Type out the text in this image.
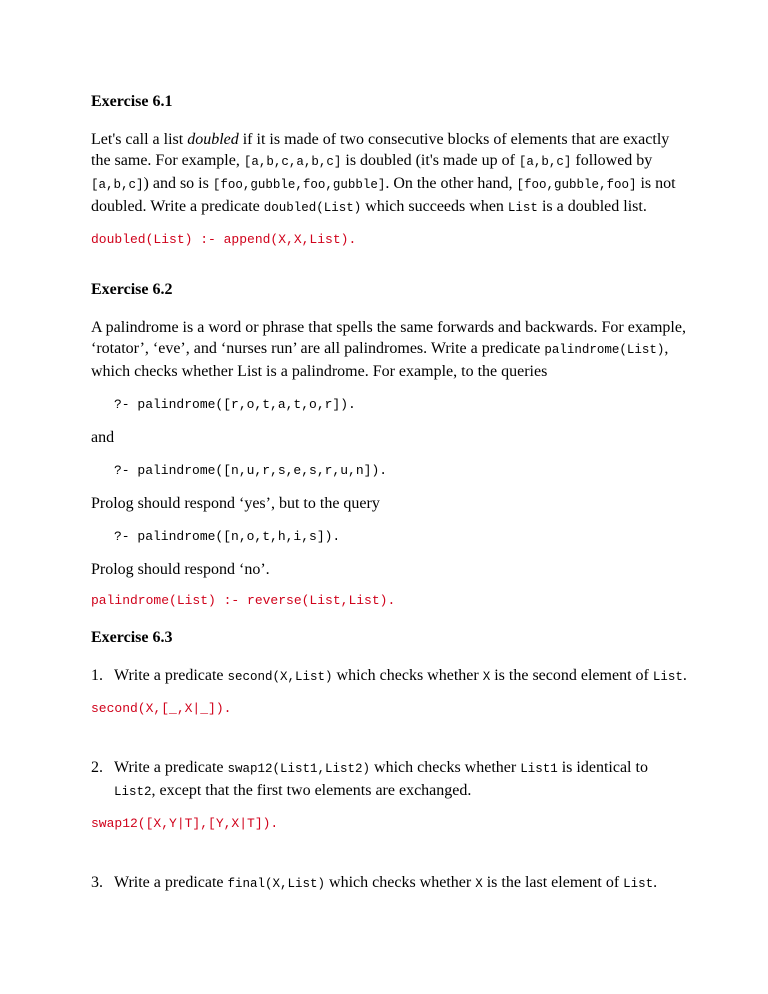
Exercise 6.1

Let's call a list doubled if it is made of two consecutive blocks of elements that are exactly the same. For example, [a,b,c,a,b,c] is doubled (it's made up of [a,b,c] followed by [a,b,c]) and so is [foo,gubble,foo,gubble]. On the other hand, [foo,gubble,foo] is not doubled. Write a predicate doubled(List) which succeeds when List is a doubled list.

doubled(List) :- append(X,X,List).

Exercise 6.2

A palindrome is a word or phrase that spells the same forwards and backwards. For example, ‘rotator’, ‘eve’, and ‘nurses run’ are all palindromes. Write a predicate palindrome(List), which checks whether List is a palindrome. For example, to the queries

?- palindrome([r,o,t,a,t,o,r]).

and

?- palindrome([n,u,r,s,e,s,r,u,n]).

Prolog should respond ‘yes’, but to the query

?- palindrome([n,o,t,h,i,s]).

Prolog should respond ‘no’.

palindrome(List) :- reverse(List,List).

Exercise 6.3
1. Write a predicate second(X,List) which checks whether X is the second element of List.

second(X,[_,X|_]).

2. Write a predicate swap12(List1,List2) which checks whether List1 is identical to List2, except that the first two elements are exchanged.

swap12([X,Y|T],[Y,X|T]).

3. Write a predicate final(X,List) which checks whether X is the last element of List.
